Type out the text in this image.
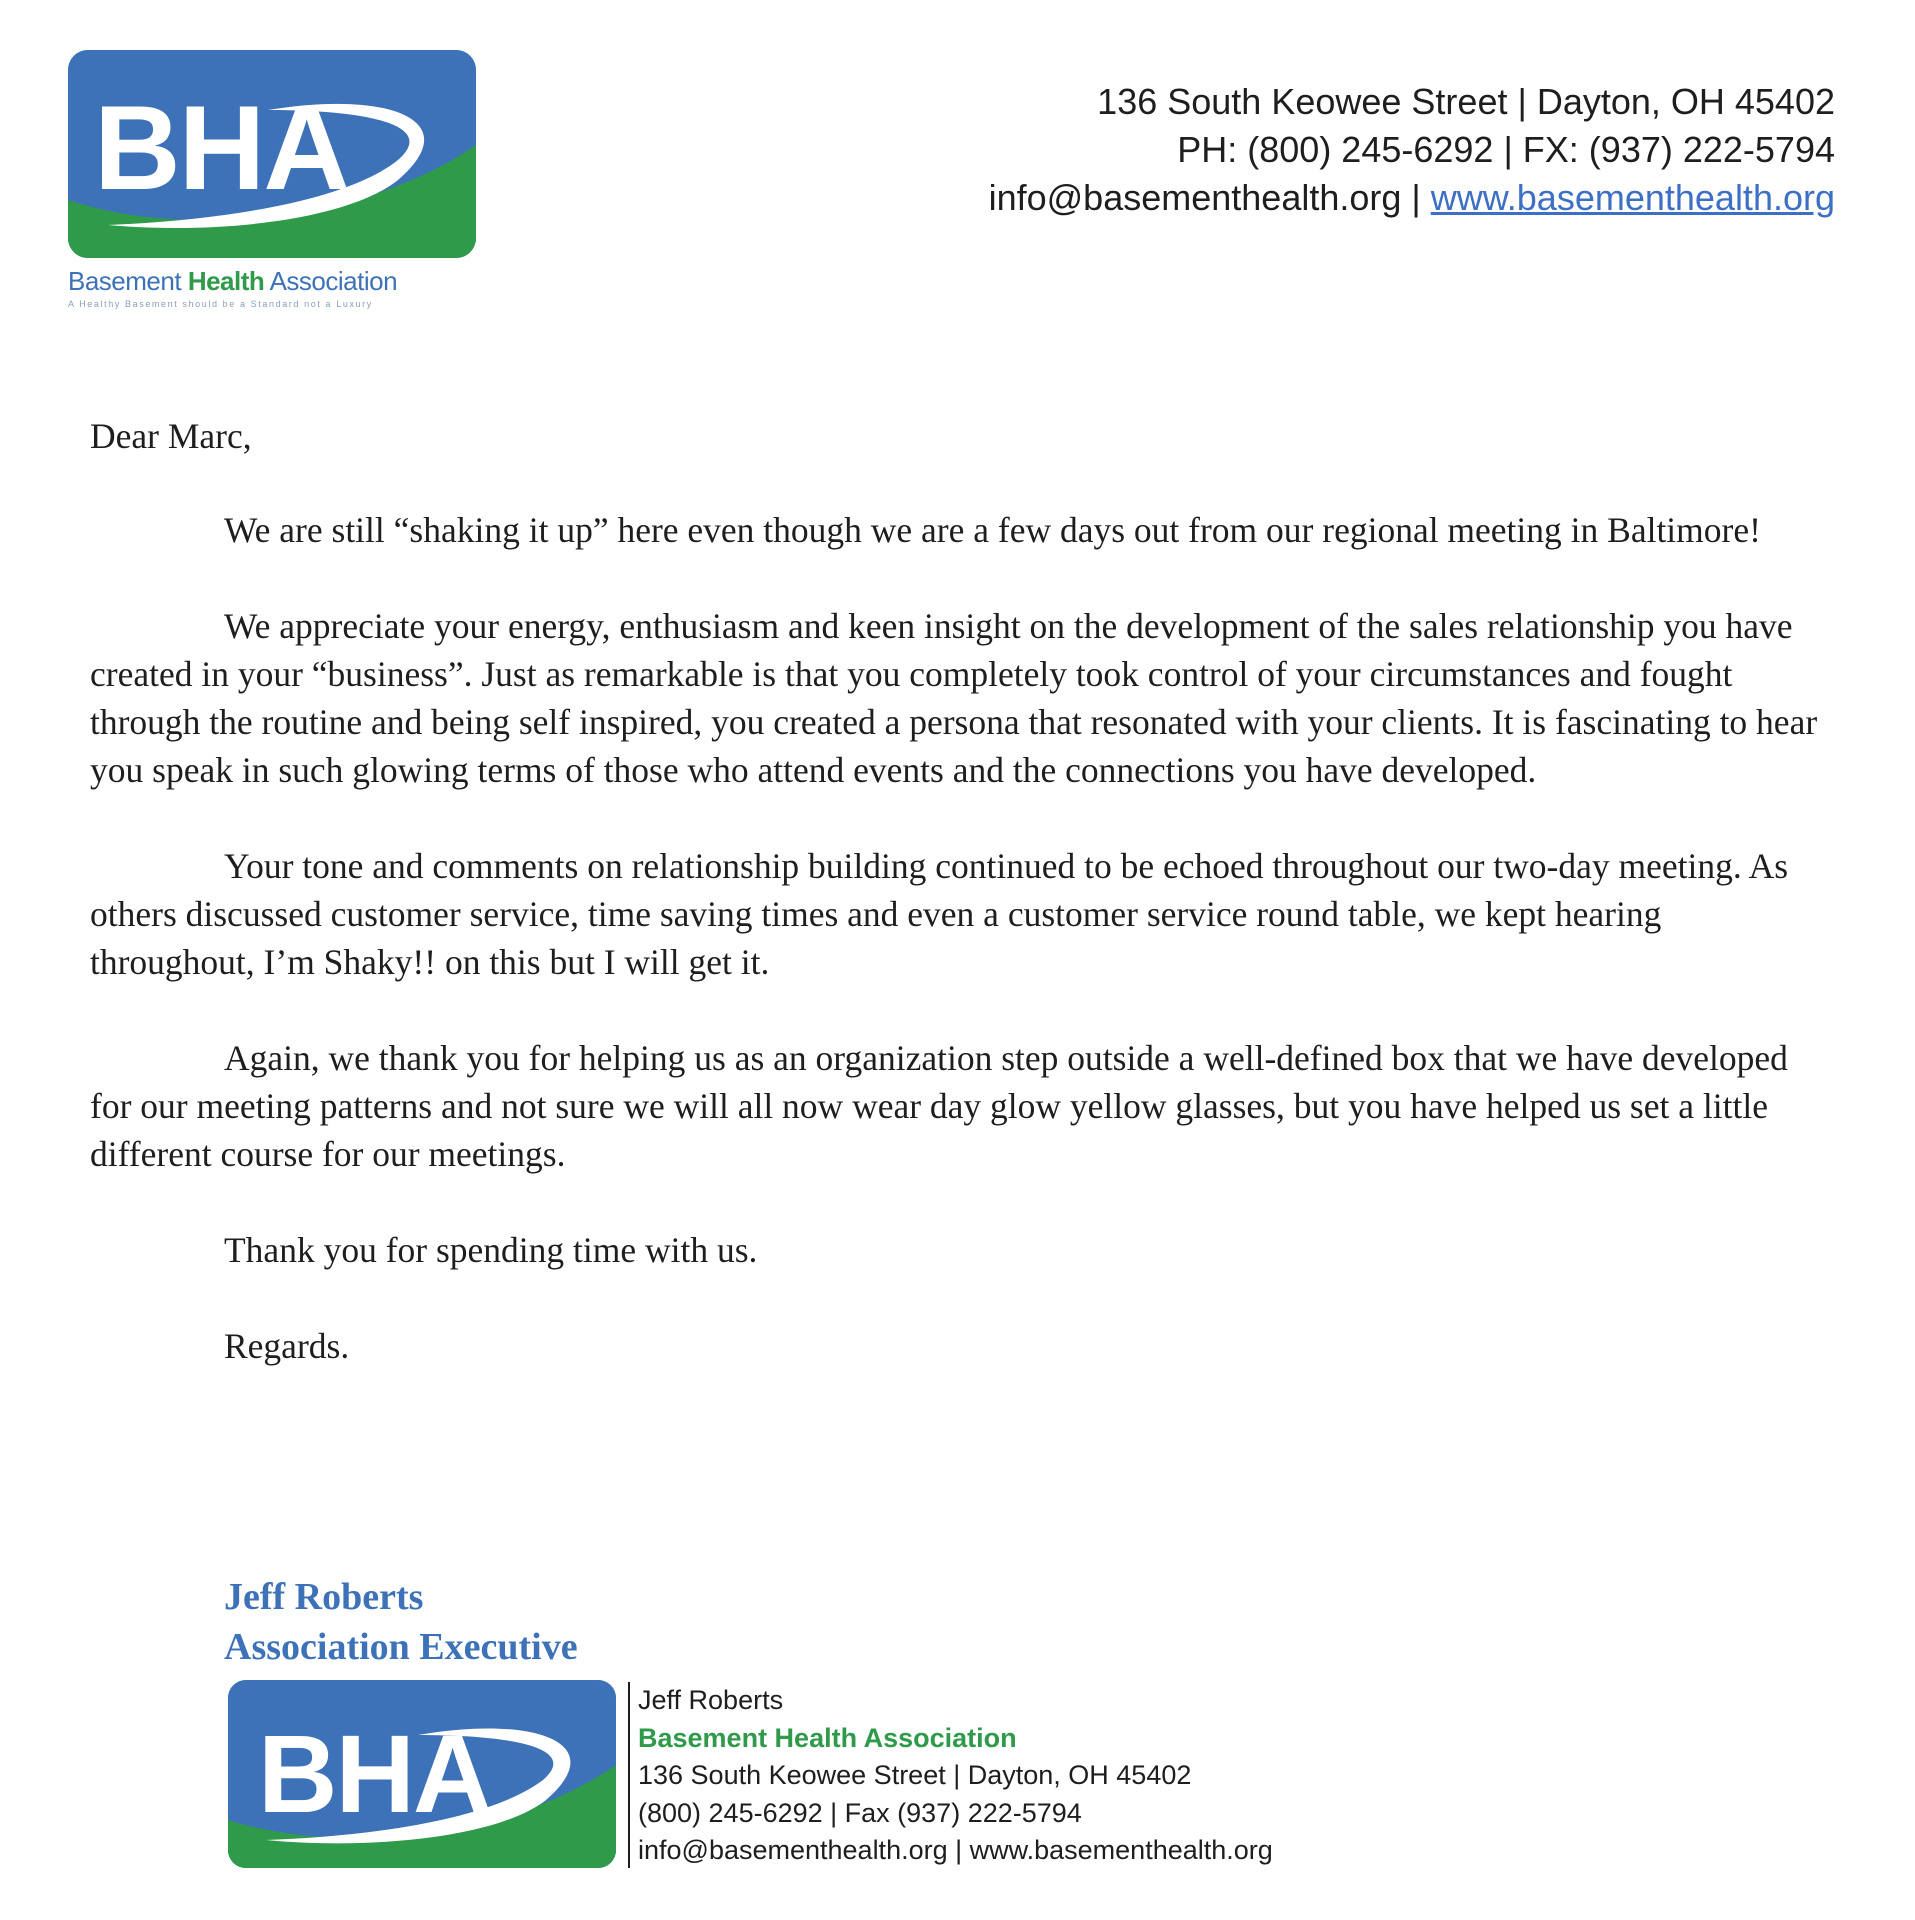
BHA
Basement Health Association
A Healthy Basement should be a Standard not a Luxury
136 South Keowee Street | Dayton, OH 45402
PH: (800) 245-6292 | FX: (937) 222-5794
info@basementhealth.org | www.basementhealth.org

Dear Marc,

We are still “shaking it up” here even though we are a few days out from our regional meeting in Baltimore!

We appreciate your energy, enthusiasm and keen insight on the development of the sales relationship you have created in your “business”. Just as remarkable is that you completely took control of your circumstances and fought through the routine and being self inspired, you created a persona that resonated with your clients. It is fascinating to hear you speak in such glowing terms of those who attend events and the connections you have developed.

Your tone and comments on relationship building continued to be echoed throughout our two-day meeting. As others discussed customer service, time saving times and even a customer service round table, we kept hearing throughout, I’m Shaky!! on this but I will get it.

Again, we thank you for helping us as an organization step outside a well-defined box that we have developed for our meeting patterns and not sure we will all now wear day glow yellow glasses, but you have helped us set a little different course for our meetings.

Thank you for spending time with us.

Regards.

Jeff Roberts
Association Executive
BHA
Jeff Roberts
Basement Health Association
136 South Keowee Street | Dayton, OH 45402
(800) 245-6292 | Fax (937) 222-5794
info@basementhealth.org | www.basementhealth.org
